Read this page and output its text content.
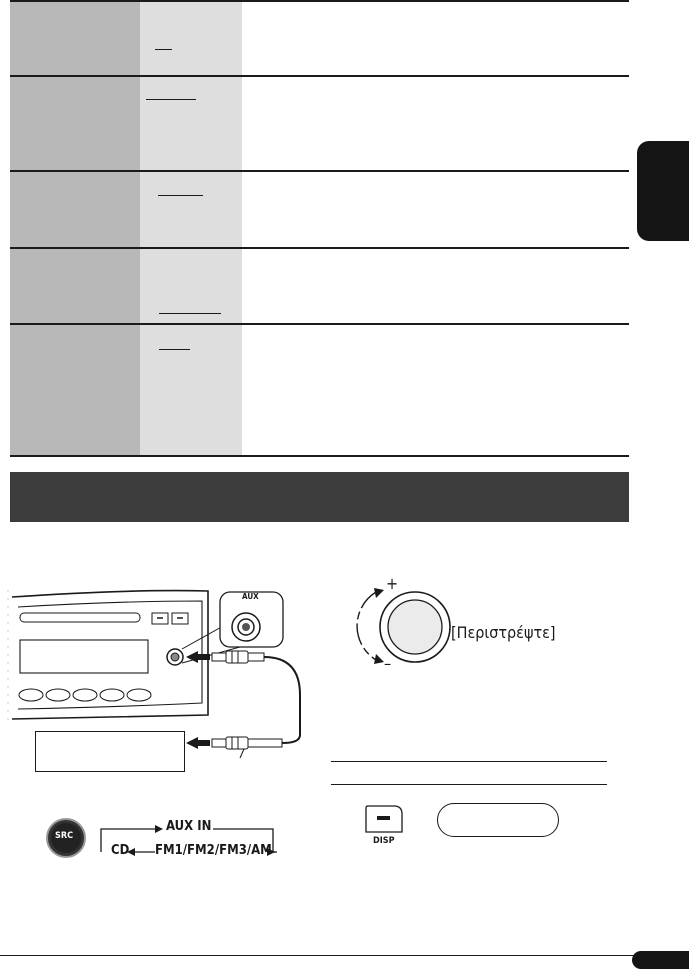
AUX
+
–
[Περιστρέψτε]
SRC
AUX IN
CD FM1/FM2/FM3/AM
DISP
